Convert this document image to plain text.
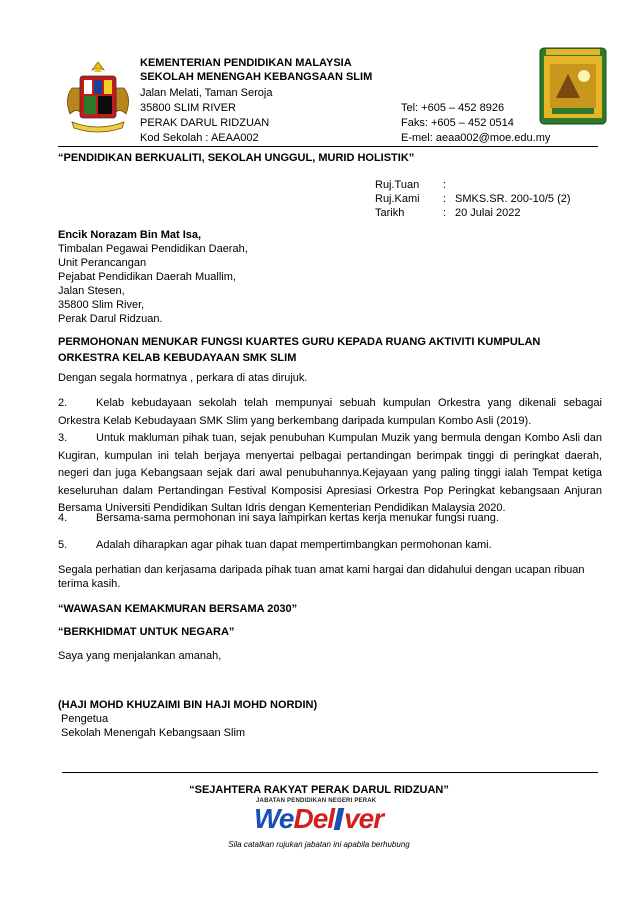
KEMENTERIAN PENDIDIKAN MALAYSIA
SEKOLAH MENENGAH KEBANGSAAN SLIM
Jalan Melati, Taman Seroja
35800 SLIM RIVER
PERAK DARUL RIDZUAN
Kod Sekolah : AEAA002
Tel: +605 – 452 8926
Faks: +605 – 452 0514
E-mel: aeaa002@moe.edu.my
“PENDIDIKAN BERKUALITI, SEKOLAH UNGGUL, MURID HOLISTIK”
Ruj.Tuan :
Ruj.Kami : SMKS.SR. 200-10/5 (2)
Tarikh	: 20 Julai 2022
Encik Norazam Bin Mat Isa,
Timbalan Pegawai Pendidikan Daerah,
Unit Perancangan
Pejabat Pendidikan Daerah Muallim,
Jalan Stesen,
35800 Slim River,
Perak Darul Ridzuan.
PERMOHONAN MENUKAR FUNGSI KUARTES GURU KEPADA RUANG AKTIVITI KUMPULAN
ORKESTRA KELAB KEBUDAYAAN SMK SLIM
Dengan segala hormatnya , perkara di atas dirujuk.
2.	Kelab kebudayaan sekolah telah mempunyai sebuah kumpulan Orkestra yang dikenali sebagai Orkestra Kelab Kebudayaan SMK Slim yang berkembang daripada kumpulan Kombo Asli (2019).
3.	Untuk makluman pihak tuan, sejak penubuhan Kumpulan Muzik yang bermula dengan Kombo Asli dan Kugiran, kumpulan ini telah berjaya menyertai pelbagai pertandingan berimpak tinggi di peringkat daerah, negeri dan juga Kebangsaan sejak dari awal penubuhannya.Kejayaan yang paling tinggi ialah Tempat ketiga keseluruhan dalam Pertandingan Festival Komposisi Apresiasi Orkestra Pop Peringkat kebangsaan Anjuran Bersama Universiti Pendidikan Sultan Idris dengan Kementerian Pendidikan Malaysia 2020.
4.	Bersama-sama permohonan ini saya lampirkan kertas kerja menukar fungsi ruang.
5.	Adalah diharapkan agar pihak tuan dapat mempertimbangkan permohonan kami.
Segala perhatian dan kerjasama daripada pihak tuan amat kami hargai dan didahului dengan ucapan ribuan terima kasih.
“WAWASAN KEMAKMURAN BERSAMA 2030”
“BERKHIDMAT UNTUK NEGARA”
Saya yang menjalankan amanah,
(HAJI MOHD KHUZAIMI BIN HAJI MOHD NORDIN)
Pengetua
Sekolah Menengah Kebangsaan Slim
“SEJAHTERA RAKYAT PERAK DARUL RIDZUAN”
JABATAN PENDIDIKAN NEGERI PERAK
WeDel ver
Sila catatkan rujukan jabatan ini apabila berhubung
